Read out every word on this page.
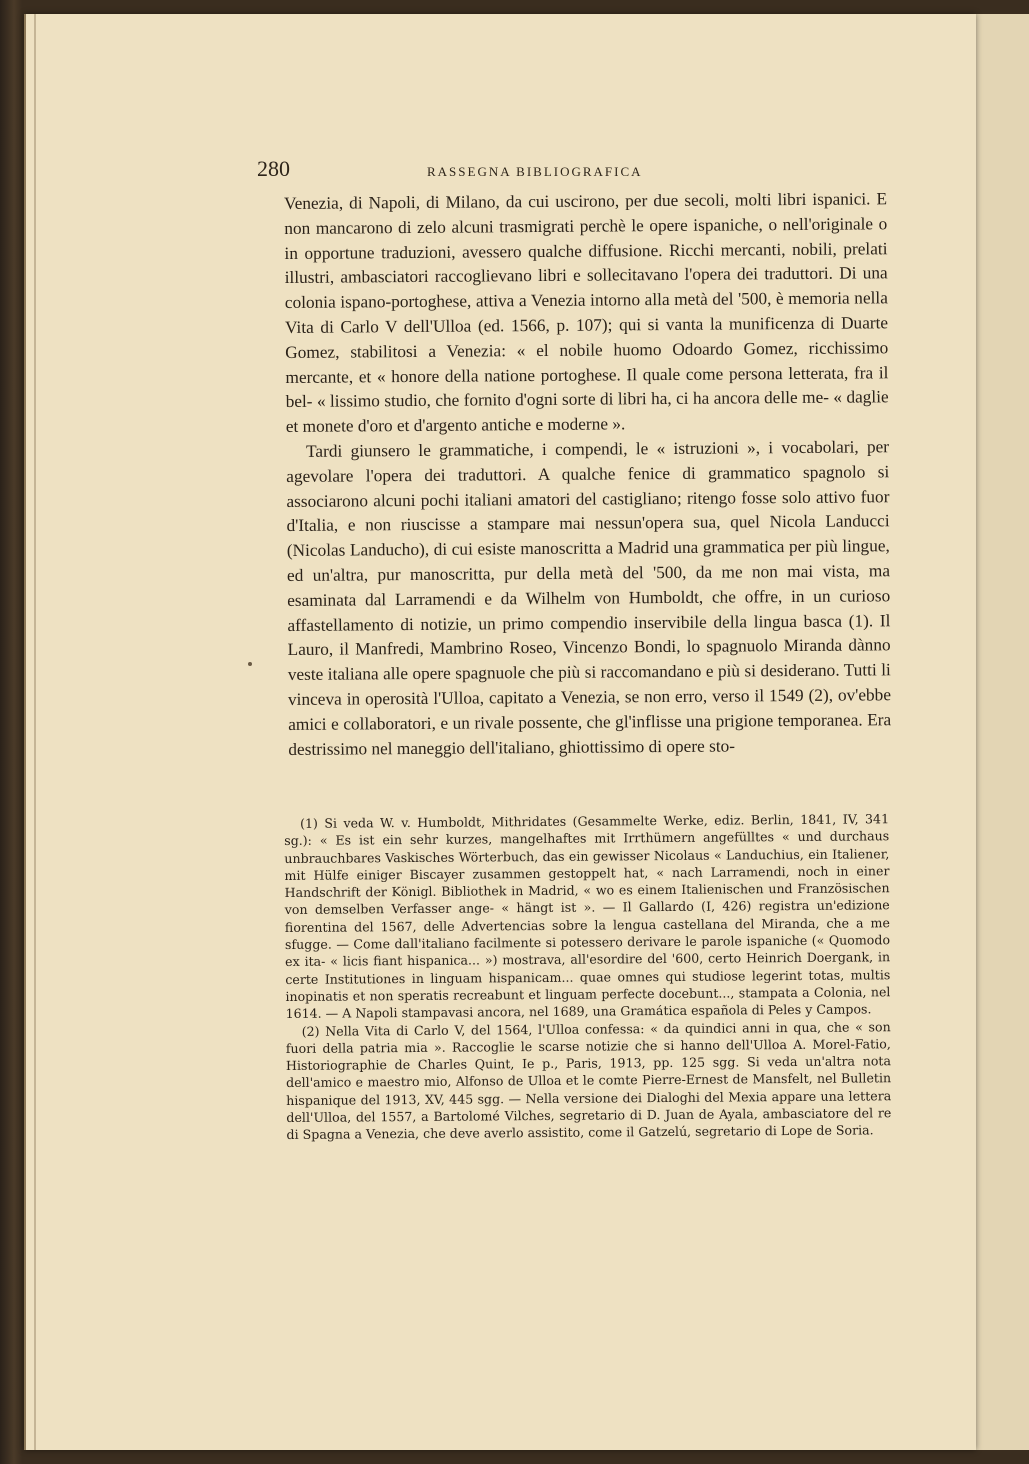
280	RASSEGNA BIBLIOGRAFICA

Venezia, di Napoli, di Milano, da cui uscirono, per due secoli, molti libri ispanici. E non mancarono di zelo alcuni trasmigrati perchè le opere ispaniche, o nell'originale o in opportune traduzioni, avessero qualche diffusione. Ricchi mercanti, nobili, prelati illustri, ambasciatori raccoglievano libri e sollecitavano l'opera dei traduttori. Di una colonia ispano-portoghese, attiva a Venezia intorno alla metà del '500, è memoria nella Vita di Carlo V dell'Ulloa (ed. 1566, p. 107); qui si vanta la munificenza di Duarte Gomez, stabilitosi a Venezia: « el nobile huomo Odoardo Gomez, ricchissimo mercante, et « honore della natione portoghese. Il quale come persona letterata, fra il bel- « lissimo studio, che fornito d'ogni sorte di libri ha, ci ha ancora delle me- « daglie et monete d'oro et d'argento antiche e moderne ».

Tardi giunsero le grammatiche, i compendi, le « istruzioni », i vocabolari, per agevolare l'opera dei traduttori. A qualche fenice di grammatico spagnolo si associarono alcuni pochi italiani amatori del castigliano; ritengo fosse solo attivo fuor d'Italia, e non riuscisse a stampare mai nessun'opera sua, quel Nicola Landucci (Nicolas Landucho), di cui esiste manoscritta a Madrid una grammatica per più lingue, ed un'altra, pur manoscritta, pur della metà del '500, da me non mai vista, ma esaminata dal Larramendi e da Wilhelm von Humboldt, che offre, in un curioso affastellamento di notizie, un primo compendio inservibile della lingua basca (1). Il Lauro, il Manfredi, Mambrino Roseo, Vincenzo Bondi, lo spagnuolo Miranda dànno veste italiana alle opere spagnuole che più si raccomandano e più si desiderano. Tutti li vinceva in operosità l'Ulloa, capitato a Venezia, se non erro, verso il 1549 (2), ov'ebbe amici e collaboratori, e un rivale possente, che gl'inflisse una prigione temporanea. Era destrissimo nel maneggio dell'italiano, ghiottissimo di opere sto-

(1) Si veda W. v. Humboldt, Mithridates (Gesammelte Werke, ediz. Berlin, 1841, IV, 341 sg.): « Es ist ein sehr kurzes, mangelhaftes mit Irrthümern angefülltes « und durchaus unbrauchbares Vaskisches Wörterbuch, das ein gewisser Nicolaus « Landuchius, ein Italiener, mit Hülfe einiger Biscayer zusammen gestoppelt hat, « nach Larramendi, noch in einer Handschrift der Königl. Bibliothek in Madrid, « wo es einem Italienischen und Französischen von demselben Verfasser ange- « hängt ist ». — Il Gallardo (I, 426) registra un'edizione fiorentina del 1567, delle Advertencias sobre la lengua castellana del Miranda, che a me sfugge. — Come dall'italiano facilmente si potessero derivare le parole ispaniche (« Quomodo ex ita- « licis fiant hispanica... ») mostrava, all'esordire del '600, certo Heinrich Doergank, in certe Institutiones in linguam hispanicam... quae omnes qui studiose legerint totas, multis inopinatis et non speratis recreabunt et linguam perfecte docebunt..., stampata a Colonia, nel 1614. — A Napoli stampavasi ancora, nel 1689, una Gramática española di Peles y Campos.

(2) Nella Vita di Carlo V, del 1564, l'Ulloa confessa: « da quindici anni in qua, che « son fuori della patria mia ». Raccoglie le scarse notizie che si hanno dell'Ulloa A. Morel-Fatio, Historiographie de Charles Quint, Ie p., Paris, 1913, pp. 125 sgg. Si veda un'altra nota dell'amico e maestro mio, Alfonso de Ulloa et le comte Pierre-Ernest de Mansfelt, nel Bulletin hispanique del 1913, XV, 445 sgg. — Nella versione dei Dialoghi del Mexia appare una lettera dell'Ulloa, del 1557, a Bartolomé Vilches, segretario di D. Juan de Ayala, ambasciatore del re di Spagna a Venezia, che deve averlo assistito, come il Gatzelú, segretario di Lope de Soria.
